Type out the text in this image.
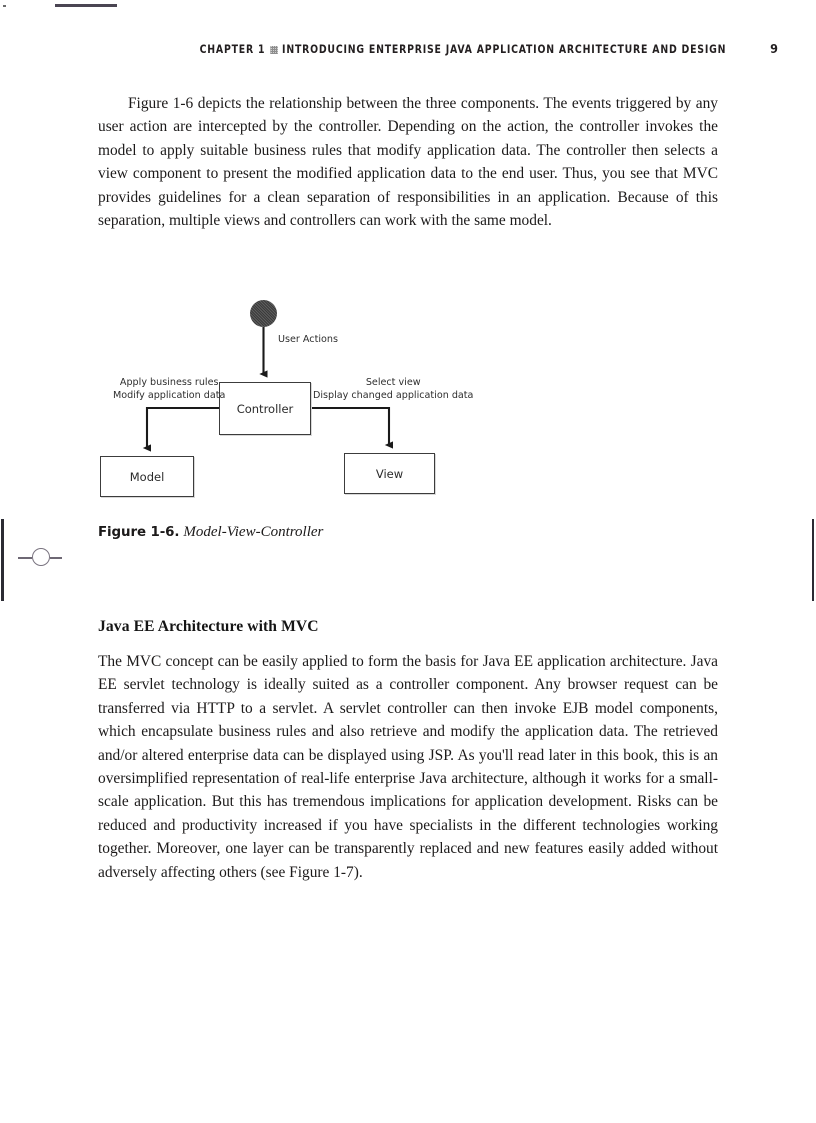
CHAPTER 1 INTRODUCING ENTERPRISE JAVA APPLICATION ARCHITECTURE AND DESIGN	9

Figure 1-6 depicts the relationship between the three components. The events triggered by any user action are intercepted by the controller. Depending on the action, the controller invokes the model to apply suitable business rules that modify application data. The controller then selects a view component to present the modified application data to the end user. Thus, you see that MVC provides guidelines for a clean separation of responsibilities in an application. Because of this separation, multiple views and controllers can work with the same model.

Controller
Model	View
User Actions
Apply business rules
Modify application data
Select view
Display changed application data
Figure 1-6. Model-View-Controller
Java EE Architecture with MVC

The MVC concept can be easily applied to form the basis for Java EE application architecture. Java EE servlet technology is ideally suited as a controller component. Any browser request can be transferred via HTTP to a servlet. A servlet controller can then invoke EJB model components, which encapsulate business rules and also retrieve and modify the application data. The retrieved and/or altered enterprise data can be displayed using JSP. As you'll read later in this book, this is an oversimplified representation of real-life enterprise Java architecture, although it works for a small-scale application. But this has tremendous implications for application development. Risks can be reduced and productivity increased if you have specialists in the different technologies working together. Moreover, one layer can be transparently replaced and new features easily added without adversely affecting others (see Figure 1-7).
